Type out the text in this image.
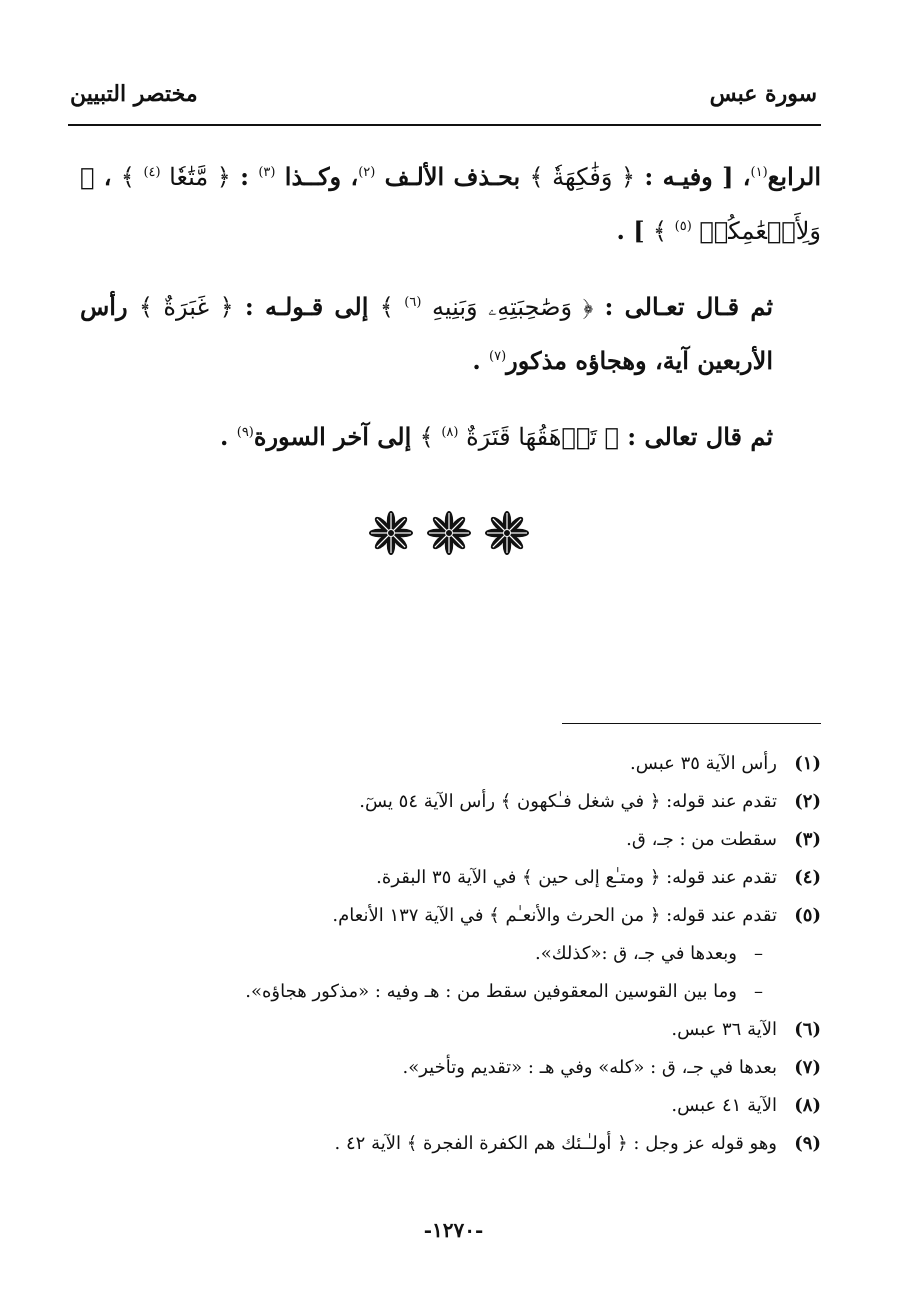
سورة عبس
مختصر التبيين

الرابع$^{(١)}$، [ وفيـه : ﴿ وَفَٰكِهَةٗ ﴾ بحـذف الألـف $^{(٢)}$، وكــذا $^{(٣)}$ : ﴿ مَّتَٰعٗا $^{(٤)}$ ﴾ ، ﴿ وَلِأَنۡعَٰمِكُمۡ $^{(٥)}$ ﴾ ] .

ثم قـال تعـالى : ﴿ وَصَٰحِبَتِهِۦ وَبَنِيهِ $^{(٦)}$ ﴾ إلى قـولـه : ﴿ غَبَرَةٌ ﴾ رأس الأربعين آية، وهجاؤه مذكور$^{(٧)}$ .

ثم قال تعالى : ﴿ تَرۡهَقُهَا قَتَرَةٌ $^{(٨)}$ ﴾ إلى آخر السورة$^{(٩)}$ .

(١)رأس الآية ٣٥ عبس.
(٢)تقدم عند قوله: ﴿ في شغل فـٰكهون ﴾ رأس الآية ٥٤ يسٓ.
(٣)سقطت من : جـ، ق.
(٤)تقدم عند قوله: ﴿ ومتـٰع إلى حين ﴾ في الآية ٣٥ البقرة.
(٥)تقدم عند قوله: ﴿ من الحرث والأنعـٰم ﴾ في الآية ١٣٧ الأنعام.
–وبعدها في جـ، ق :«كذلك».
–وما بين القوسين المعقوفين سقط من : هـ وفيه : «مذكور هجاؤه».
(٦)الآية ٣٦ عبس.
(٧)بعدها في جـ، ق : «كله» وفي هـ : «تقديم وتأخير».
(٨)الآية ٤١ عبس.
(٩)وهو قوله عز وجل : ﴿ أولـٰـئك هم الكفرة الفجرة ﴾ الآية ٤٢ .
-١٢٧٠-
